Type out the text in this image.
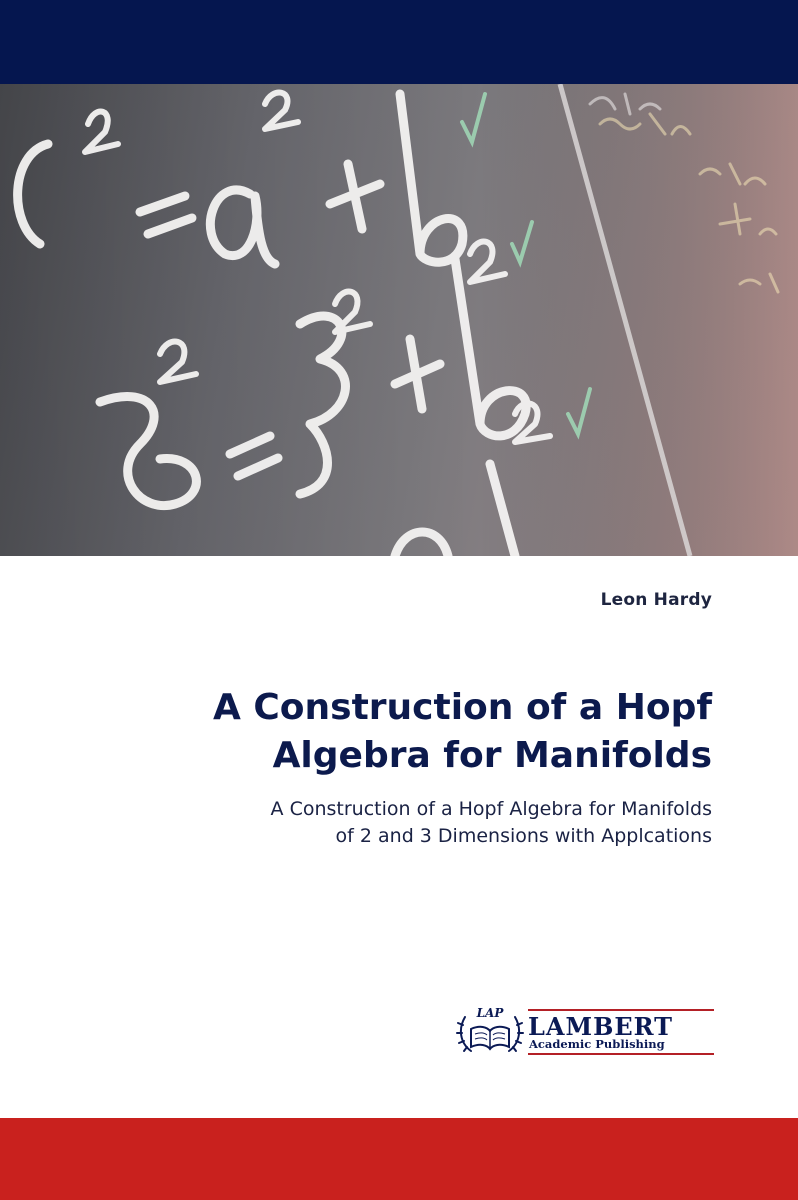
Leon Hardy
A Construction of a Hopf
Algebra for Manifolds
A Construction of a Hopf Algebra for Manifolds
of 2 and 3 Dimensions with Applcations
LAP LAMBERT
Academic Publishing
